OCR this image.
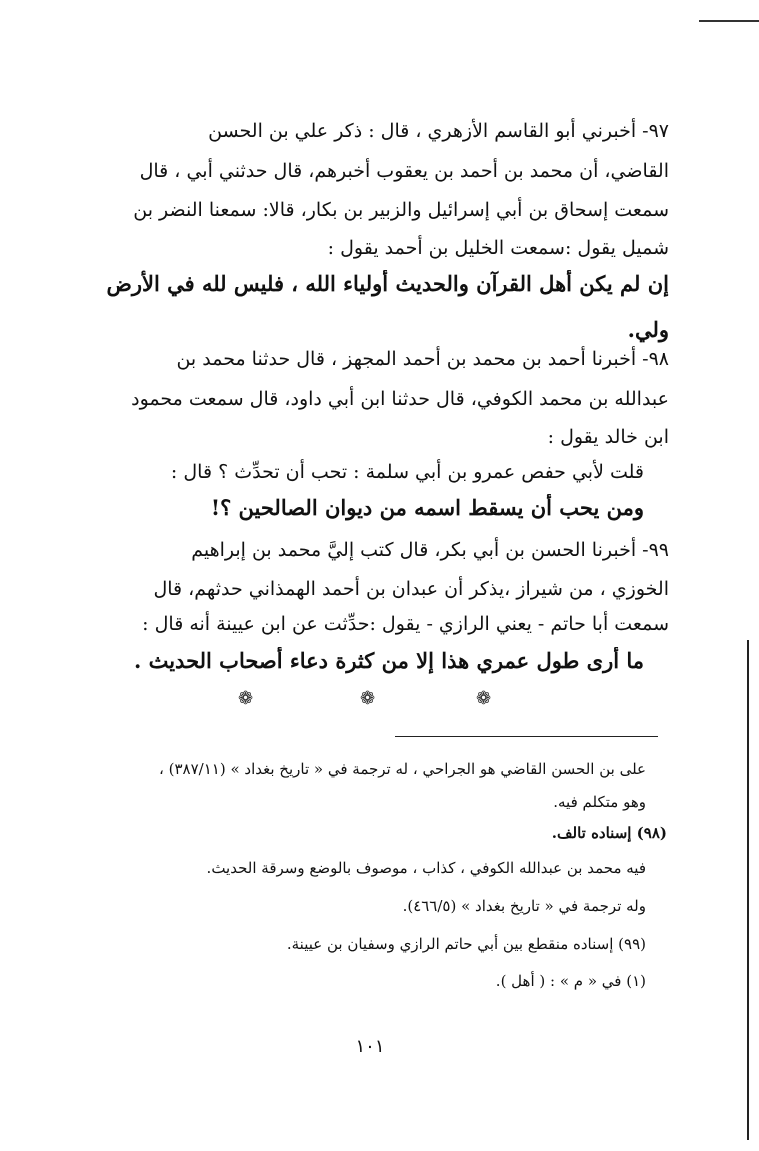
٩٧- أخبرني أبو القاسم الأزهري ، قال : ذكر علي بن الحسن
القاضي، أن محمد بن أحمد بن يعقوب أخبرهم، قال حدثني أبي ، قال
سمعت إسحاق بن أبي إسرائيل والزبير بن بكار، قالا: سمعنا النضر بن
شميل يقول :سمعت الخليل بن أحمد يقول :
إن لم يكن أهل القرآن والحديث أولياء الله ، فليس لله في الأرض
ولي.
٩٨- أخبرنا أحمد بن محمد بن أحمد المجهز ، قال حدثنا محمد بن
عبدالله بن محمد الكوفي، قال حدثنا ابن أبي داود، قال سمعت محمود
ابن خالد يقول :
قلت لأبي حفص عمرو بن أبي سلمة : تحب أن تحدِّث ؟ قال :
ومن يحب أن يسقط اسمه من ديوان الصالحين ؟!
٩٩- أخبرنا الحسن بن أبي بكر، قال كتب إليَّ محمد بن إبراهيم
الخوزي ، من شيراز ،يذكر أن عبدان بن أحمد الهمذاني حدثهم، قال
سمعت أبا حاتم - يعني الرازي - يقول :حدِّثت عن ابن عيينة أنه قال :
ما أرى طول عمري هذا إلا من كثرة دعاء أصحاب الحديث .
❁	❁	❁
على بن الحسن القاضي هو الجراحي ، له ترجمة في « تاريخ بغداد » (٣٨٧/١١) ،
وهو متكلم فيه.
(٩٨) إسناده تالف.
فيه محمد بن عبدالله الكوفي ، كذاب ، موصوف بالوضع وسرقة الحديث.
وله ترجمة في « تاريخ بغداد » (٤٦٦/٥).
(٩٩) إسناده منقطع بين أبي حاتم الرازي وسفيان بن عيينة.
(١) في « م » : ( أهل ).
١٠١
